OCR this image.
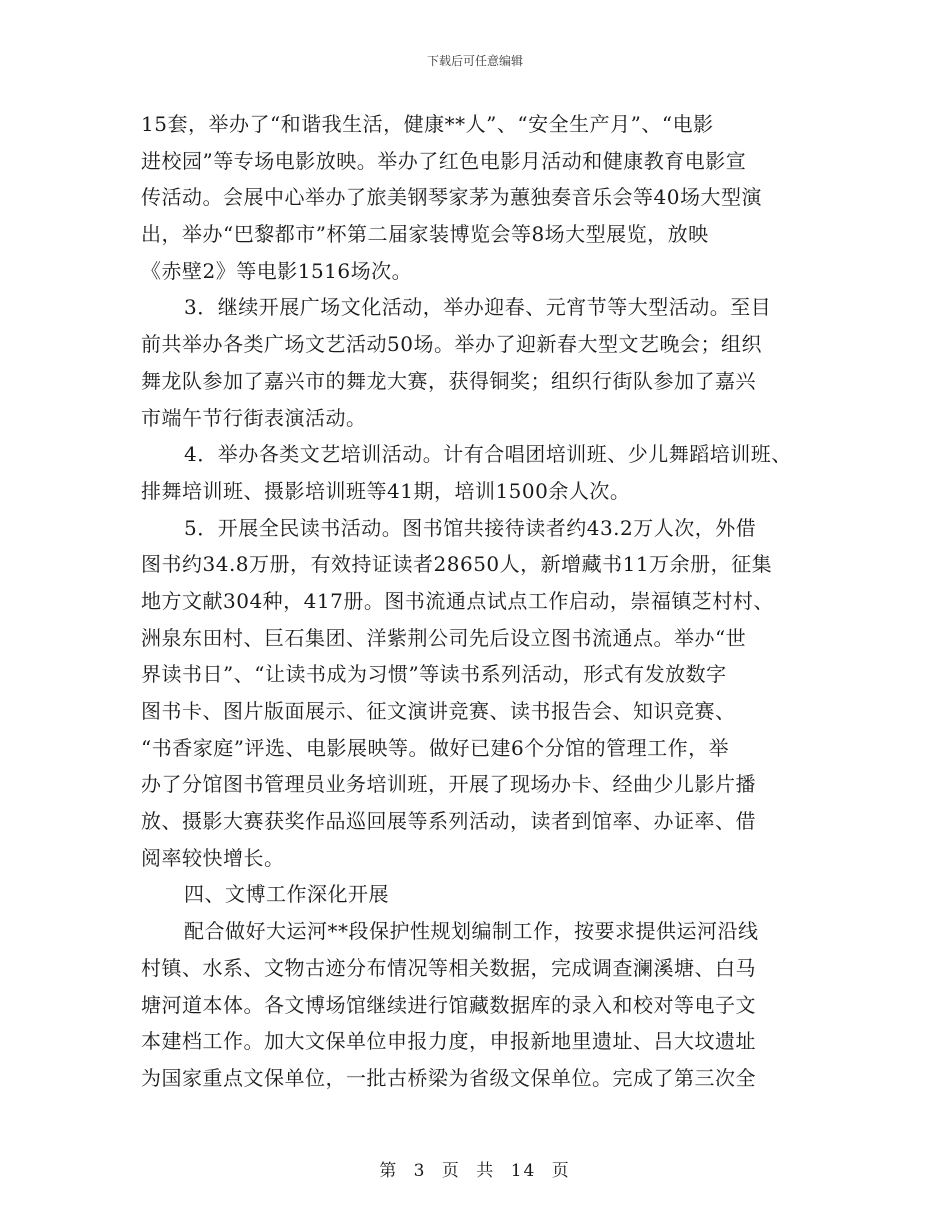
下载后可任意编辑
15套，举办了“和谐我生活，健康**人”、“安全生产月”、“电影
进校园”等专场电影放映。举办了红色电影月活动和健康教育电影宣
传活动。会展中心举办了旅美钢琴家茅为蕙独奏音乐会等40场大型演
出，举办“巴黎都市”杯第二届家装博览会等8场大型展览，放映
《赤壁2》等电影1516场次。
3．继续开展广场文化活动，举办迎春、元宵节等大型活动。至目
前共举办各类广场文艺活动50场。举办了迎新春大型文艺晚会；组织
舞龙队参加了嘉兴市的舞龙大赛，获得铜奖；组织行街队参加了嘉兴
市端午节行街表演活动。
4．举办各类文艺培训活动。计有合唱团培训班、少儿舞蹈培训班、
排舞培训班、摄影培训班等41期，培训1500余人次。
5．开展全民读书活动。图书馆共接待读者约43.2万人次，外借
图书约34.8万册，有效持证读者28650人，新增藏书11万余册，征集
地方文献304种，417册。图书流通点试点工作启动，崇福镇芝村村、
洲泉东田村、巨石集团、洋紫荆公司先后设立图书流通点。举办“世
界读书日”、“让读书成为习惯”等读书系列活动，形式有发放数字
图书卡、图片版面展示、征文演讲竞赛、读书报告会、知识竞赛、
“书香家庭”评选、电影展映等。做好已建6个分馆的管理工作，举
办了分馆图书管理员业务培训班，开展了现场办卡、经曲少儿影片播
放、摄影大赛获奖作品巡回展等系列活动，读者到馆率、办证率、借
阅率较快增长。
四、文博工作深化开展
配合做好大运河**段保护性规划编制工作，按要求提供运河沿线
村镇、水系、文物古迹分布情况等相关数据，完成调查澜溪塘、白马
塘河道本体。各文博场馆继续进行馆藏数据库的录入和校对等电子文
本建档工作。加大文保单位申报力度，申报新地里遗址、吕大坟遗址
为国家重点文保单位，一批古桥梁为省级文保单位。完成了第三次全
第 3 页 共 14 页
